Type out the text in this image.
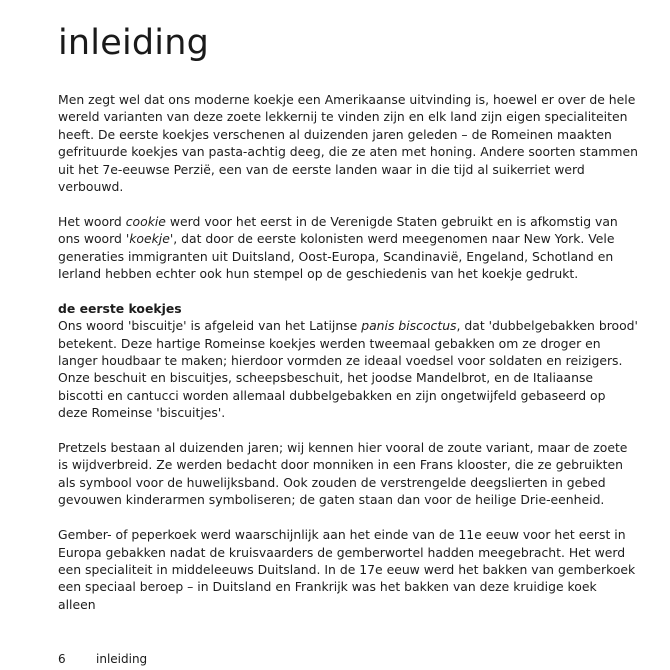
inleiding

Men zegt wel dat ons moderne koekje een Amerikaanse uitvinding is, hoewel er over de hele wereld varianten van deze zoete lekkernij te vinden zijn en elk land zijn eigen specialiteiten heeft. De eerste koekjes verschenen al duizenden jaren geleden – de Romeinen maakten gefrituurde koekjes van pasta-achtig deeg, die ze aten met honing. Andere soorten stammen uit het 7e-eeuwse Perzië, een van de eerste landen waar in die tijd al suikerriet werd verbouwd.

Het woord cookie werd voor het eerst in de Verenigde Staten gebruikt en is afkomstig van ons woord 'koekje', dat door de eerste kolonisten werd meegenomen naar New York. Vele generaties immigranten uit Duitsland, Oost-Europa, Scandinavië, Engeland, Schotland en Ierland hebben echter ook hun stempel op de geschiedenis van het koekje gedrukt.

de eerste koekjes

Ons woord 'biscuitje' is afgeleid van het Latijnse panis biscoctus, dat 'dubbelgebakken brood' betekent. Deze hartige Romeinse koekjes werden tweemaal gebakken om ze droger en langer houdbaar te maken; hierdoor vormden ze ideaal voedsel voor soldaten en reizigers. Onze beschuit en biscuitjes, scheepsbeschuit, het joodse Mandelbrot, en de Italiaanse biscotti en cantucci worden allemaal dubbelgebakken en zijn ongetwijfeld gebaseerd op deze Romeinse 'biscuitjes'.

Pretzels bestaan al duizenden jaren; wij kennen hier vooral de zoute variant, maar de zoete is wijdverbreid. Ze werden bedacht door monniken in een Frans klooster, die ze gebruikten als symbool voor de huwelijksband. Ook zouden de verstrengelde deegslierten in gebed gevouwen kinderarmen symboliseren; de gaten staan dan voor de heilige Drie-eenheid.

Gember- of peperkoek werd waarschijnlijk aan het einde van de 11e eeuw voor het eerst in Europa gebakken nadat de kruisvaarders de gemberwortel hadden meegebracht. Het werd een specialiteit in middeleeuws Duitsland. In de 17e eeuw werd het bakken van gemberkoek een speciaal beroep – in Duitsland en Frankrijk was het bakken van deze kruidige koek alleen

6	inleiding
